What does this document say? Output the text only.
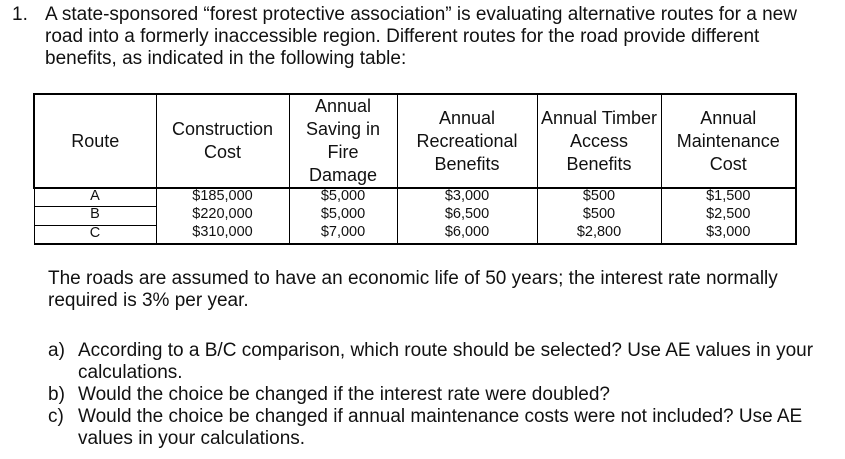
1. A state-sponsored “forest protective association” is evaluating alternative routes for a new road into a formerly inaccessible region. Different routes for the road provide different benefits, as indicated in the following table:
Route	Construction Cost	Annual Saving in Fire Damage	Annual Recreational Benefits	Annual Timber Access Benefits	Annual Maintenance Cost
A	$185,000	$5,000	$3,000	$500	$1,500
B	$220,000	$5,000	$6,500	$500	$2,500
C	$310,000	$7,000	$6,000	$2,800	$3,000
The roads are assumed to have an economic life of 50 years; the interest rate normally required is 3% per year.
a) According to a B/C comparison, which route should be selected? Use AE values in your calculations.
b) Would the choice be changed if the interest rate were doubled?
c) Would the choice be changed if annual maintenance costs were not included? Use AE values in your calculations.
